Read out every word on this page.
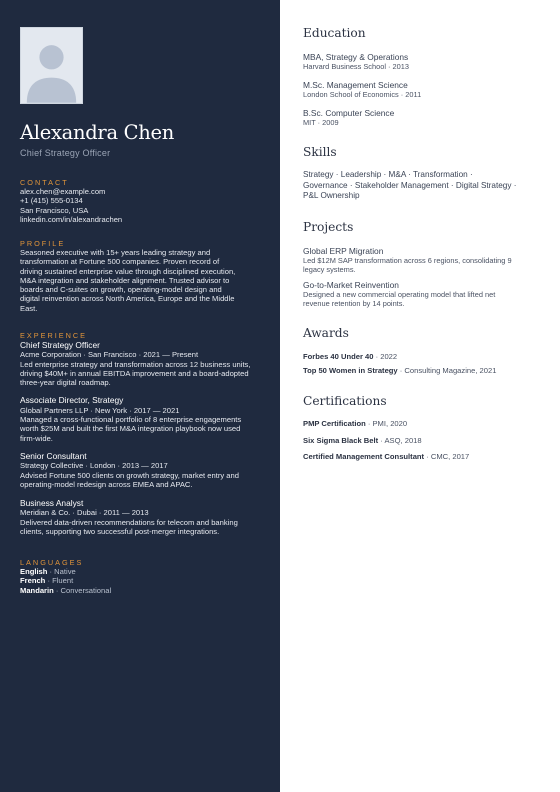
Alexandra Chen
Chief Strategy Officer
CONTACT
alex.chen@example.com
+1 (415) 555-0134
San Francisco, USA
linkedin.com/in/alexandrachen
PROFILE
Seasoned executive with 15+ years leading strategy and
transformation at Fortune 500 companies. Proven record of
driving sustained enterprise value through disciplined execution,
M&A integration and stakeholder alignment. Trusted advisor to
boards and C-suites on growth, operating-model design and
digital reinvention across North America, Europe and the Middle
East.
EXPERIENCE
Chief Strategy Officer
Acme Corporation · San Francisco · 2021 — Present
Led enterprise strategy and transformation across 12 business units,
driving $40M+ in annual EBITDA improvement and a board-adopted
three-year digital roadmap.
Associate Director, Strategy
Global Partners LLP · New York · 2017 — 2021
Managed a cross-functional portfolio of 8 enterprise engagements
worth $25M and built the first M&A integration playbook now used
firm-wide.
Senior Consultant
Strategy Collective · London · 2013 — 2017
Advised Fortune 500 clients on growth strategy, market entry and
operating-model redesign across EMEA and APAC.
Business Analyst
Meridian & Co. · Dubai · 2011 — 2013
Delivered data-driven recommendations for telecom and banking
clients, supporting two successful post-merger integrations.
LANGUAGES
English · Native
French · Fluent
Mandarin · Conversational
Education
MBA, Strategy & Operations
Harvard Business School · 2013
M.Sc. Management Science
London School of Economics · 2011
B.Sc. Computer Science
MIT · 2009
Skills
Strategy · Leadership · M&A · Transformation ·
Governance · Stakeholder Management · Digital Strategy ·
P&L Ownership
Projects
Global ERP Migration
Led $12M SAP transformation across 6 regions, consolidating 9
legacy systems.
Go-to-Market Reinvention
Designed a new commercial operating model that lifted net
revenue retention by 14 points.
Awards
Forbes 40 Under 40 · 2022
Top 50 Women in Strategy · Consulting Magazine, 2021
Certifications
PMP Certification · PMI, 2020
Six Sigma Black Belt · ASQ, 2018
Certified Management Consultant · CMC, 2017
